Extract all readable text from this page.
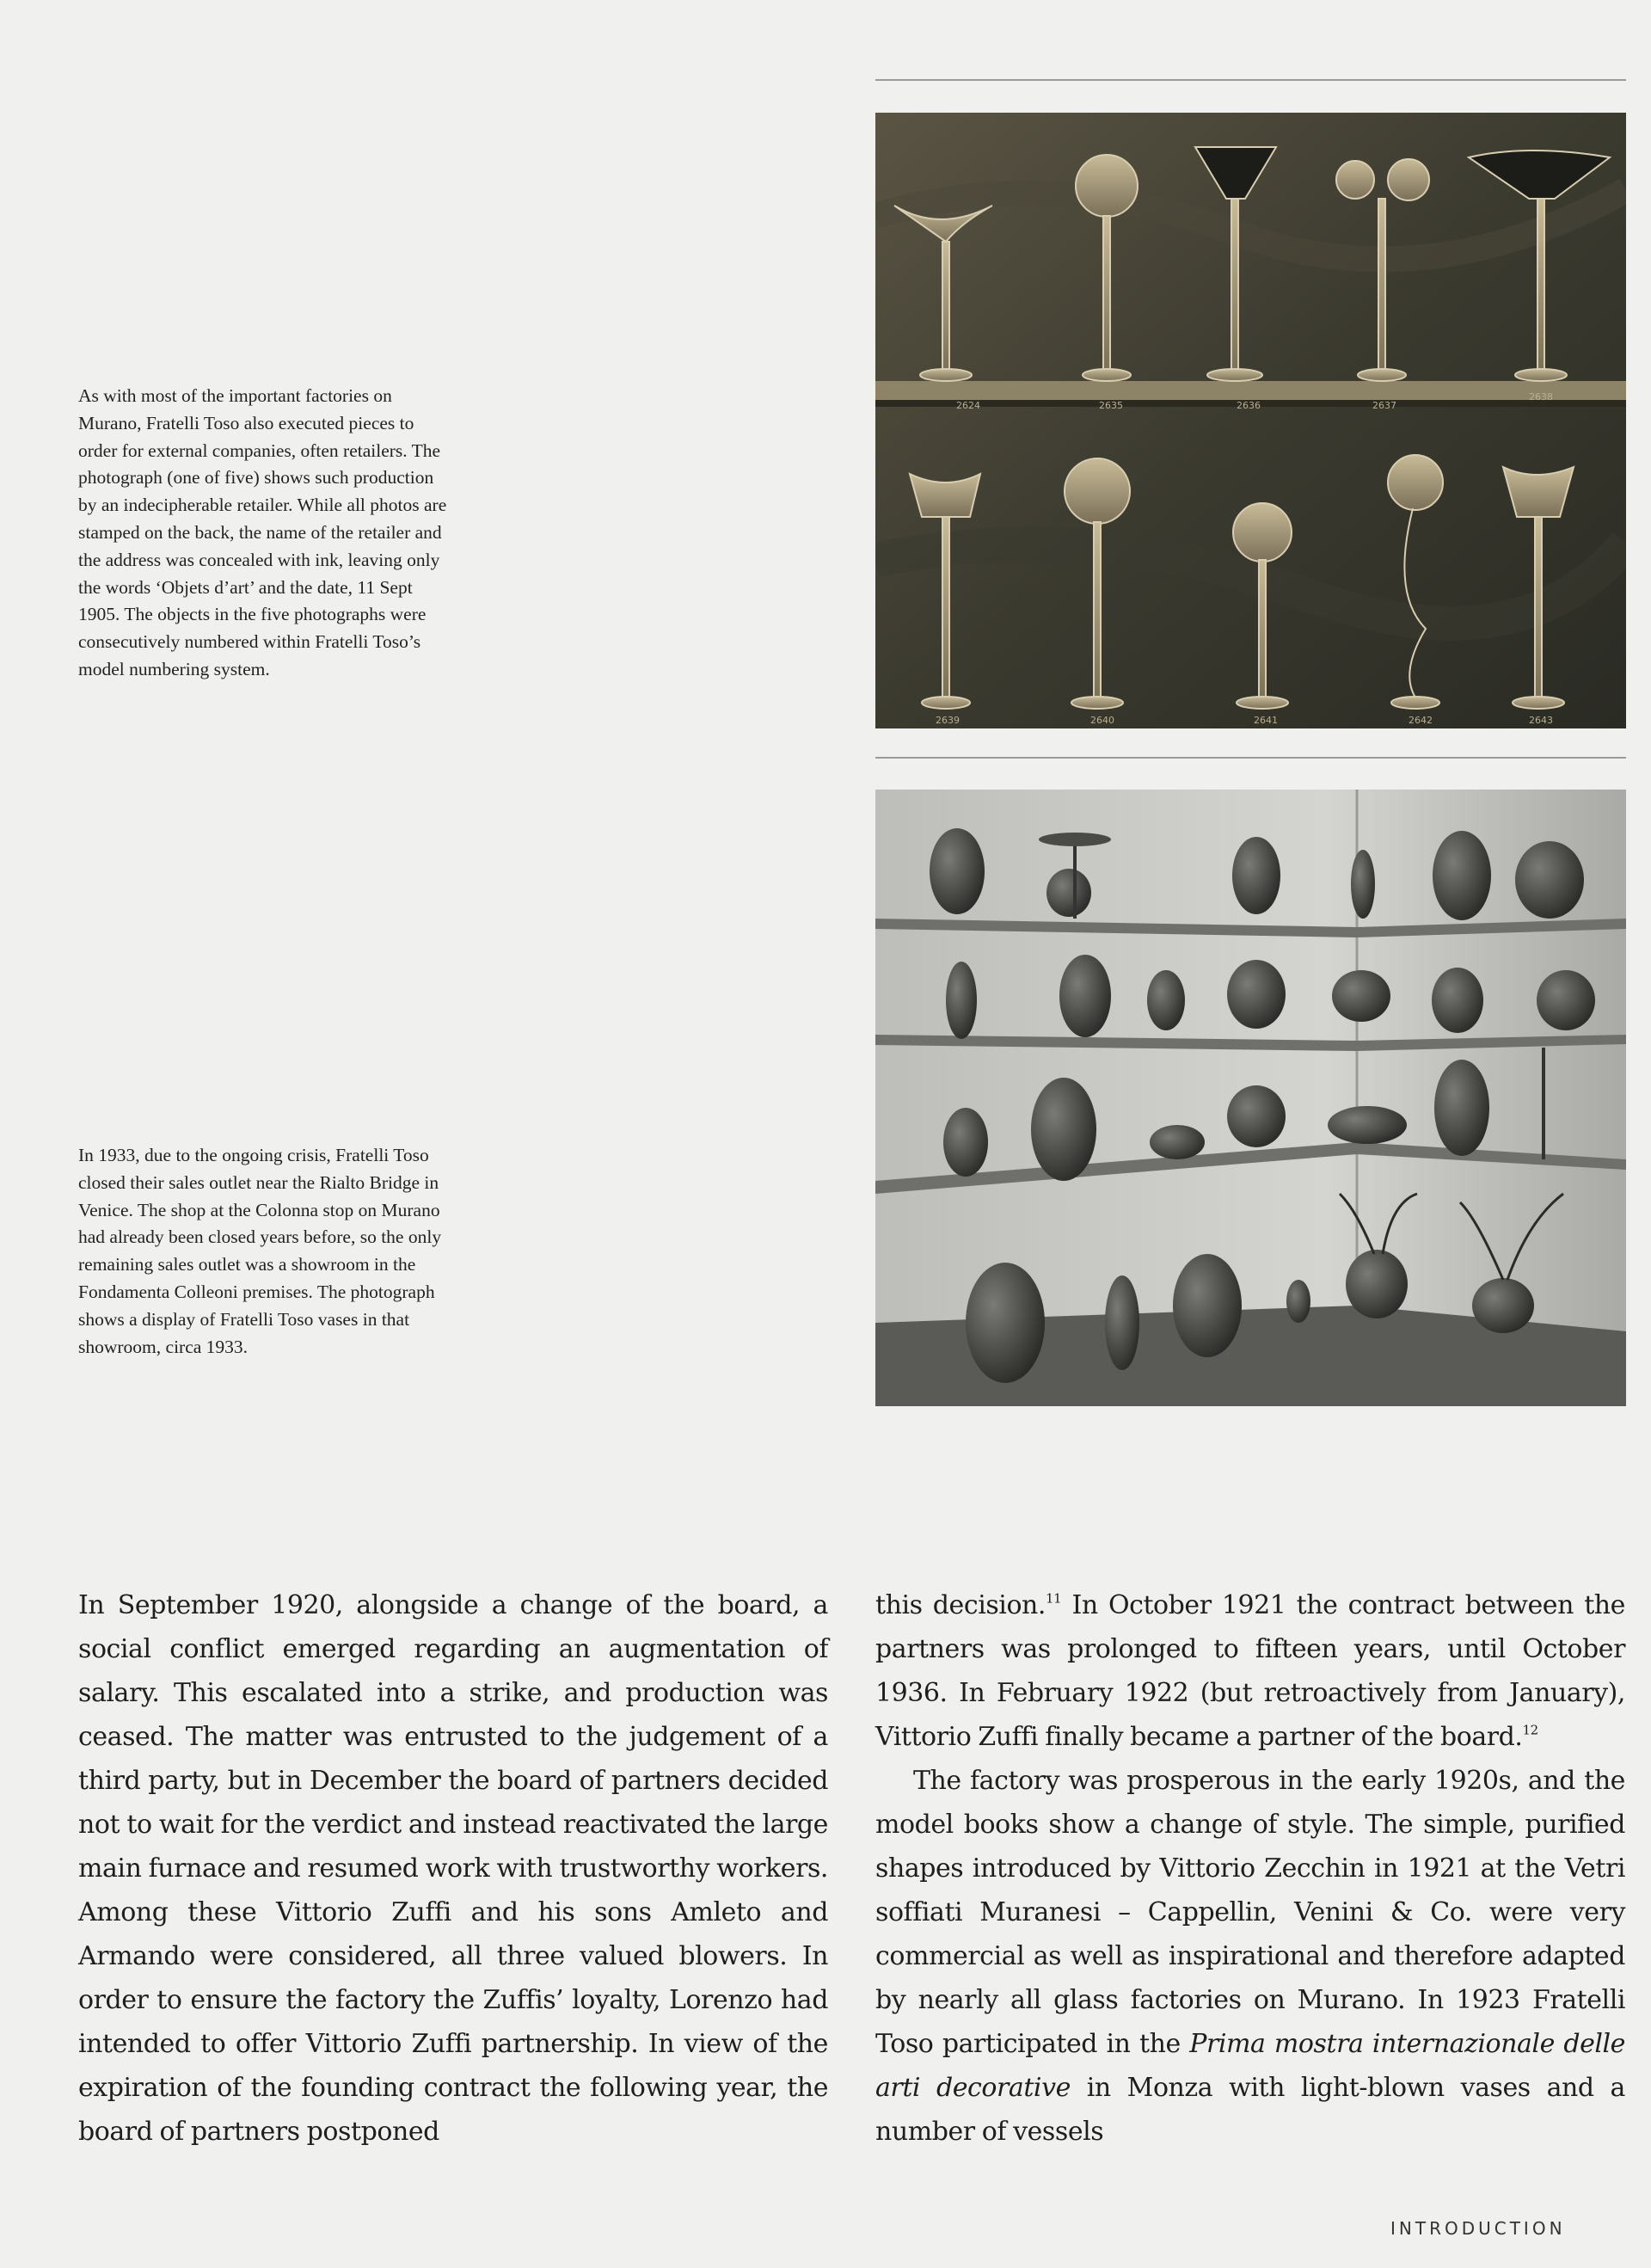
2624	2635	2636	2637
2638
2639	2640	2641	2642	2643

As with most of the important factories on Murano, Fratelli Toso also executed pieces to order for external companies, often retailers. The photograph (one of five) shows such production by an indecipherable retailer. While all photos are stamped on the back, the name of the retailer and the address was concealed with ink, leaving only the words ‘Objets d’art’ and the date, 11 Sept 1905. The objects in the five photographs were consecutively numbered within Fratelli Toso’s model numbering system.

In 1933, due to the ongoing crisis, Fratelli Toso closed their sales outlet near the Rialto Bridge in Venice. The shop at the Colonna stop on Murano had already been closed years before, so the only remaining sales outlet was a showroom in the Fondamenta Colleoni premises. The photograph shows a display of Fratelli Toso vases in that showroom, circa 1933.

In September 1920, alongside a change of the board, a social conflict emerged regarding an augmentation of salary. This escalated into a strike, and production was ceased. The matter was entrusted to the judgement of a third party, but in December the board of partners decided not to wait for the verdict and instead reactivated the large main furnace and resumed work with trustworthy workers. Among these Vittorio Zuffi and his sons Amleto and Armando were considered, all three valued blowers. In order to ensure the factory the Zuffis’ loyalty, Lorenzo had intended to offer Vittorio Zuffi partnership. In view of the expiration of the founding contract the following year, the board of partners postponed

this decision.$^{11}$ In October 1921 the contract between the partners was prolonged to fifteen years, until October 1936. In February 1922 (but retroactively from January), Vittorio Zuffi finally became a partner of the board.$^{12}$

The factory was prosperous in the early 1920s, and the model books show a change of style. The simple, purified shapes introduced by Vittorio Zecchin in 1921 at the Vetri soffiati Muranesi – Cappellin, Venini & Co. were very commercial as well as inspirational and therefore adapted by nearly all glass factories on Murano. In 1923 Fratelli Toso participated in the Prima mostra internazionale delle arti decorative in Monza with light-blown vases and a number of vessels

INTRODUCTION
